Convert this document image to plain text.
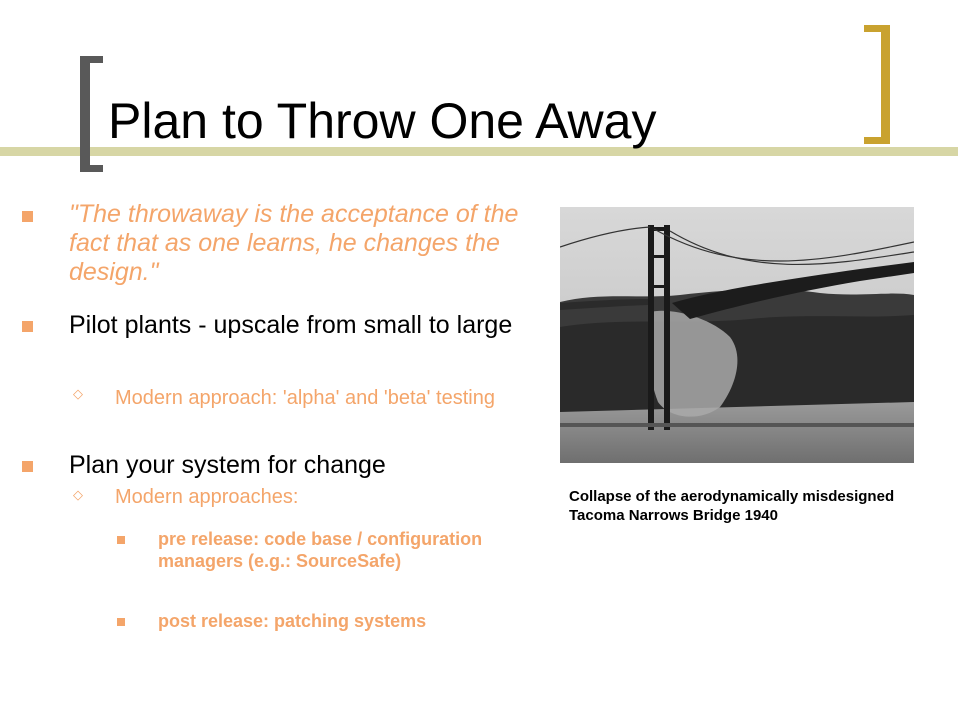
Plan to Throw One Away
"The throwaway is the acceptance of the fact that as one learns, he changes the design."
Pilot plants - upscale from small to large
◇ Modern approach: 'alpha' and 'beta' testing
Plan your system for change
◇ Modern approaches:
pre release: code base / configuration managers (e.g.: SourceSafe)
post release: patching systems
Collapse of the aerodynamically misdesigned Tacoma Narrows Bridge 1940
